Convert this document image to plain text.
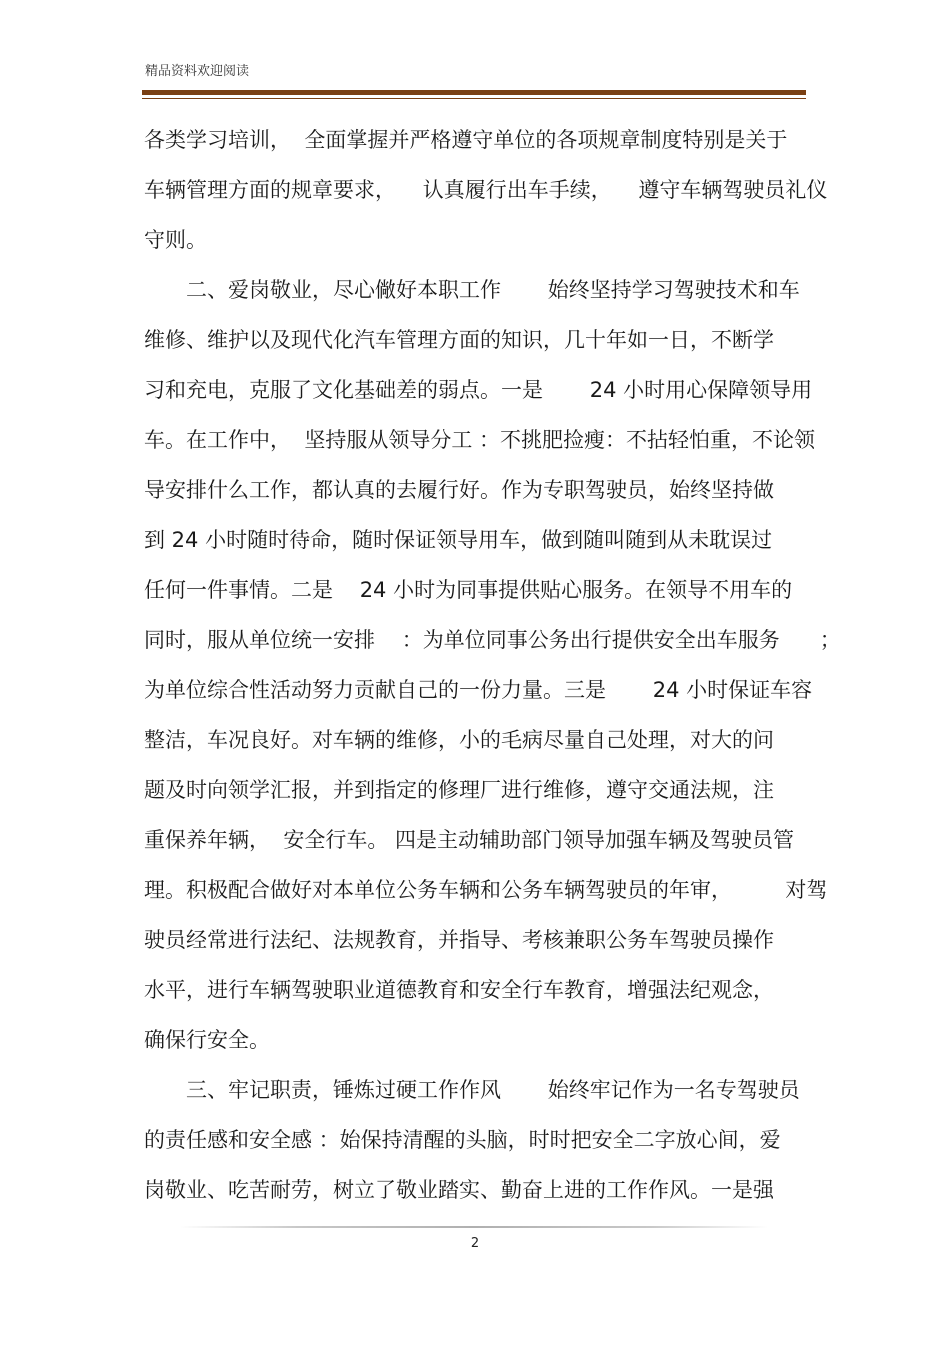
精品资料欢迎阅读
各类学习培训，  全面掌握并严格遵守单位的各项规章制度特别是关于
车辆管理方面的规章要求，    认真履行出车手续，    遵守车辆驾驶员礼仪
守则。
二、爱岗敬业，尽心僘好本职工作       始终坚持学习驾驶技术和车
维修、维护以及现代化汽车管理方面的知识，几十年如一日，不断学
习和充电，克服了文化基础差的弱点。一是       24 小时用心保障领导用
车。在工作中，  坚持服从领导分工 ：不挑肥捡瘦：不拈轻怕重，不论领
导安排什么工作，都认真的去履行好。作为专职驾驶员，始终坚持做
到 24 小时随时待命，随时保证领导用车，做到随叫随到从未耽误过
任何一件事情。二是    24 小时为同事提供贴心服务。在领导不用车的
同时，服从单位统一安排    ：为单位同事公务出行提供安全出车服务      ；
为单位综合性活动努力贡献自己的一份力量。三是       24 小时保证车容
整洁，车况良好。对车辆的维修，小的毛病尽量自己处理，对大的问
题及时向领学汇报，并到指定的修理厂进行维修，遵守交通法规，注
重保养年辆，  安全行车。 四是主动辅助部门领导加强车辆及驾驶员管
理。积极配合做好对本单位公务车辆和公务车辆驾驶员的年审，        对驾
驶员经常进行法纪、法规教育，并指导、考核兼职公务车驾驶员操作
水平，进行车辆驾驶职业道德教育和安全行车教育，增强法纪观念，
确保行安全。
三、牢记职责，锤炼过硬工作作风       始终牢记作为一名专驾驶员
的责任感和安全感 ：始保持清醒的头脑，时时把安全二字放心间，爱
岗敬业、吃苦耐劳，树立了敬业踏实、勤奋上进的工作作风。一是强
2
